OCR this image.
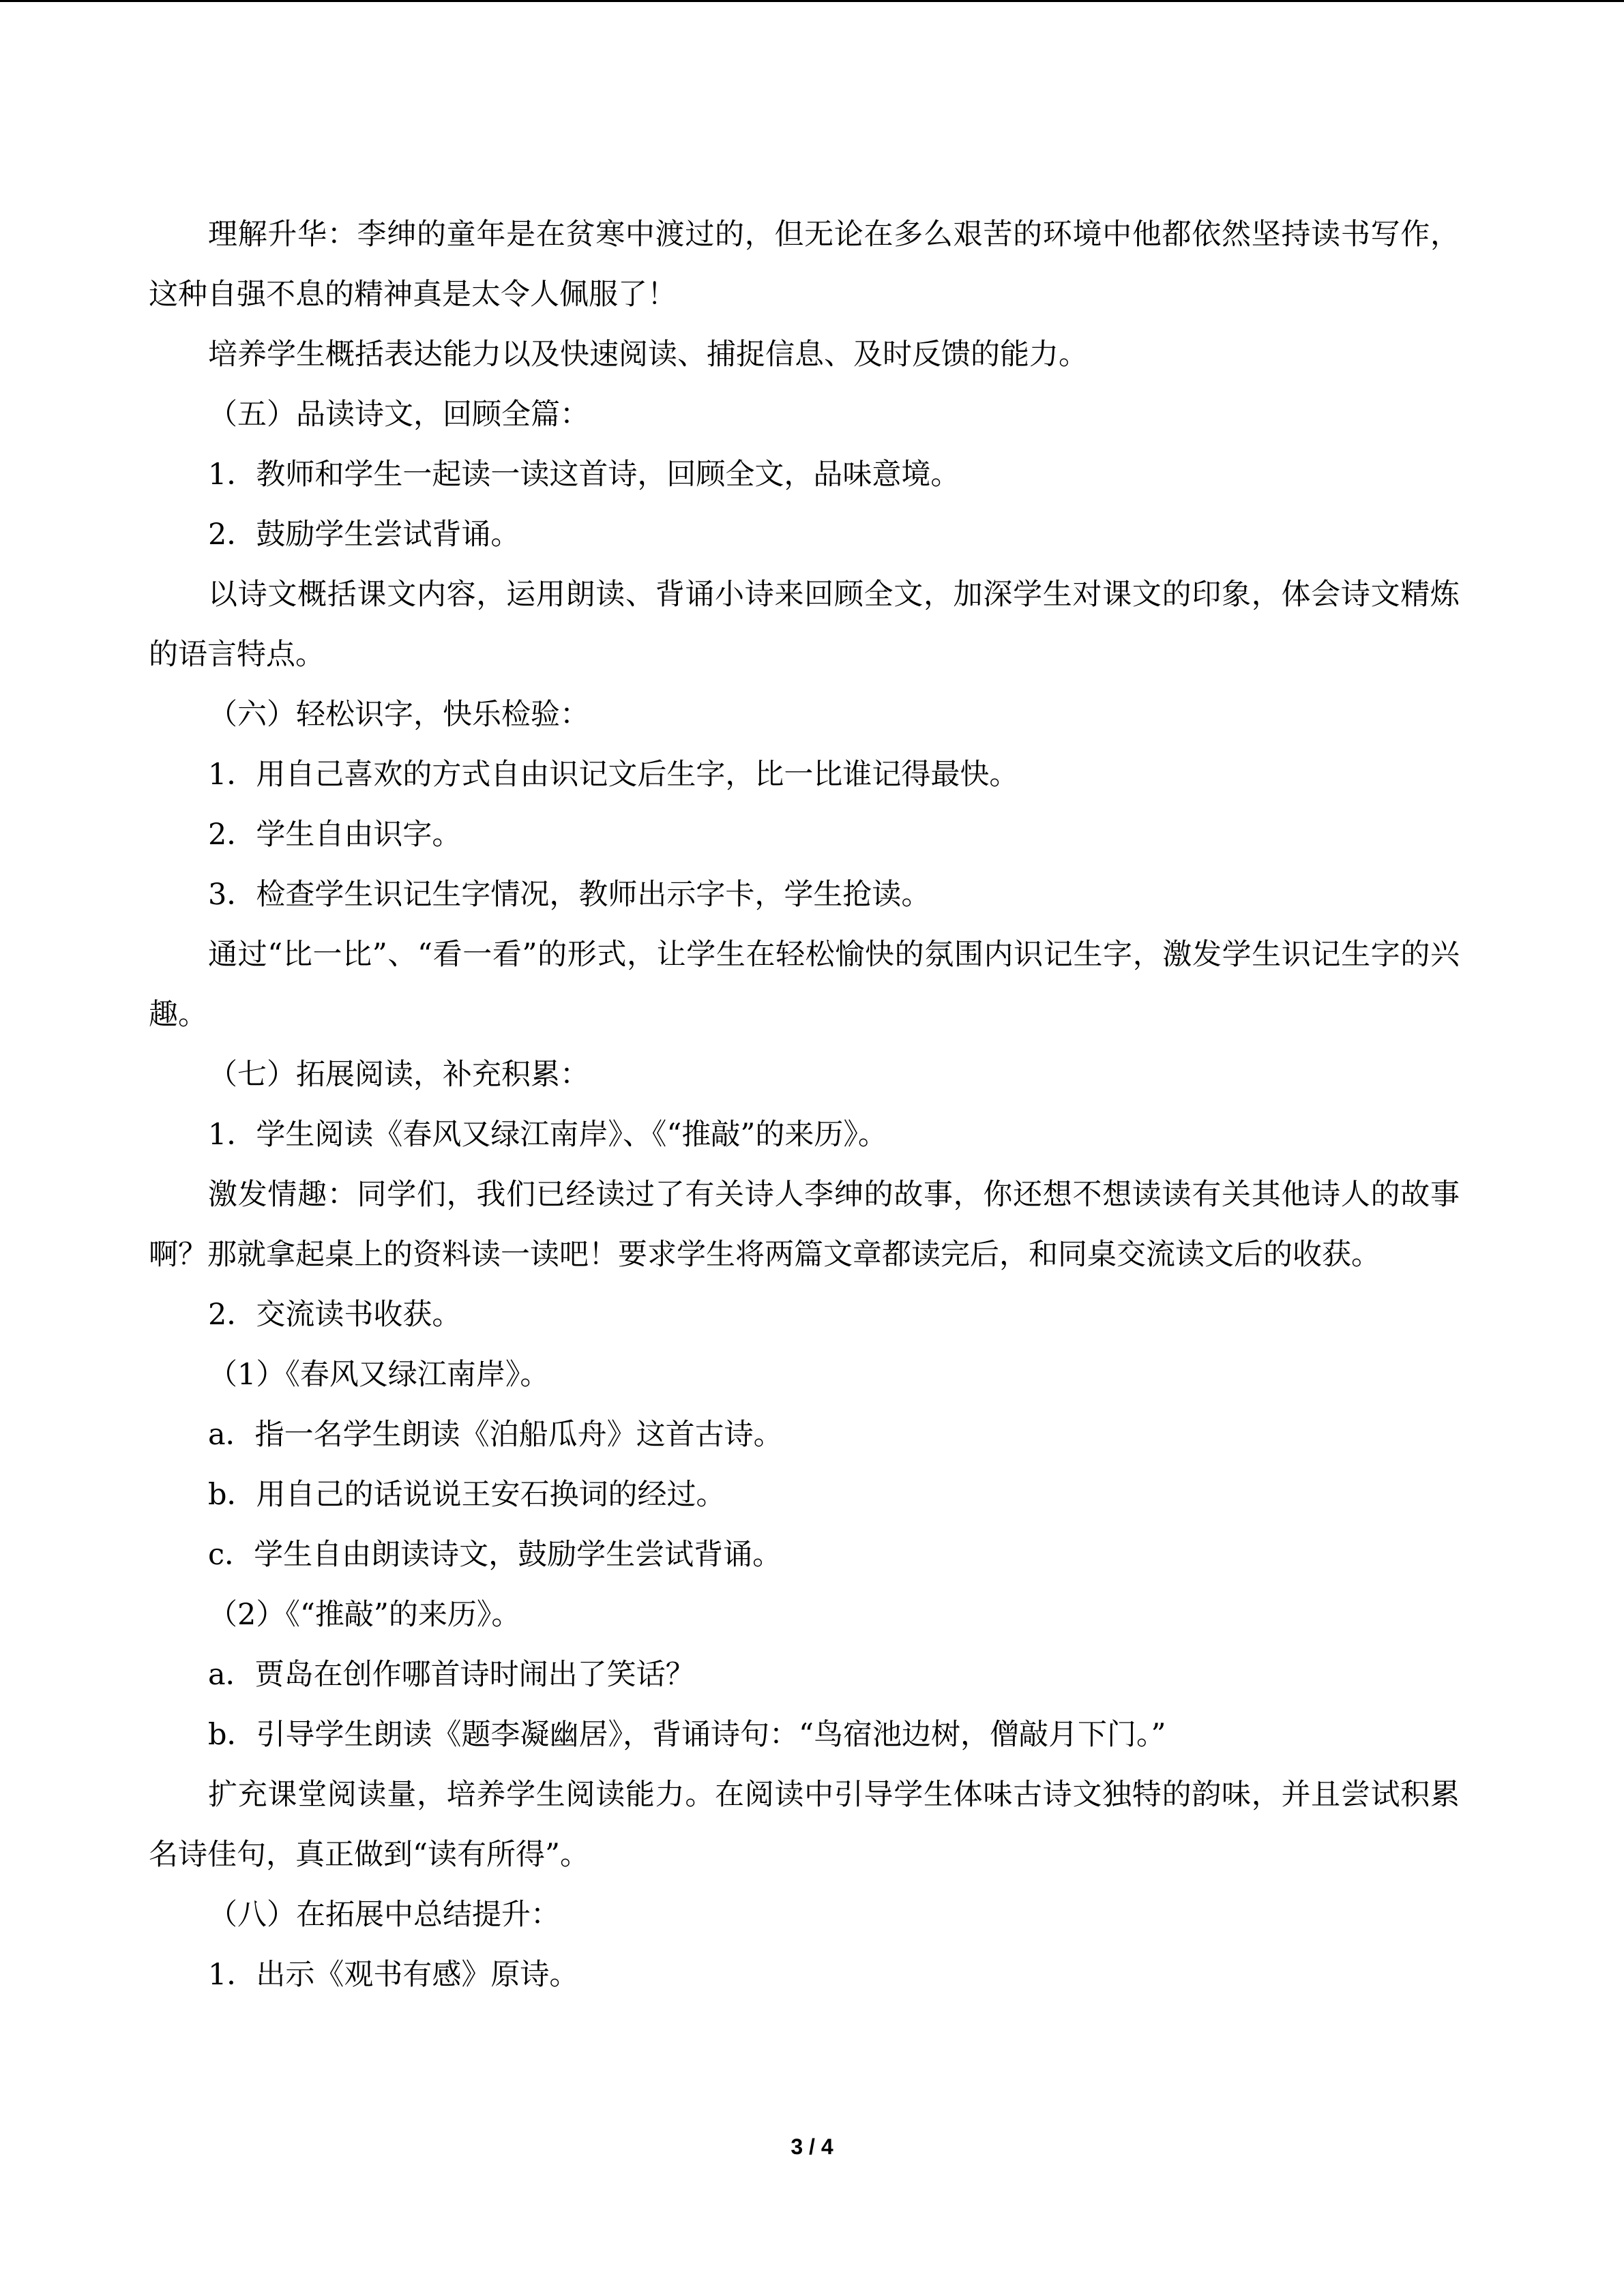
理解升华：李绅的童年是在贫寒中渡过的，但无论在多么艰苦的环境中他都依然坚持读书写作，这种自强不息的精神真是太令人佩服了！

培养学生概括表达能力以及快速阅读、捕捉信息、及时反馈的能力。

（五）品读诗文，回顾全篇：

1．教师和学生一起读一读这首诗，回顾全文，品味意境。

2．鼓励学生尝试背诵。

以诗文概括课文内容，运用朗读、背诵小诗来回顾全文，加深学生对课文的印象，体会诗文精炼的语言特点。

（六）轻松识字，快乐检验：

1．用自己喜欢的方式自由识记文后生字，比一比谁记得最快。

2．学生自由识字。

3．检查学生识记生字情况，教师出示字卡，学生抢读。

通过“比一比”、“看一看”的形式，让学生在轻松愉快的氛围内识记生字，激发学生识记生字的兴趣。

（七）拓展阅读，补充积累：

1．学生阅读《春风又绿江南岸》、《“推敲”的来历》。

激发情趣：同学们，我们已经读过了有关诗人李绅的故事，你还想不想读读有关其他诗人的故事啊？那就拿起桌上的资料读一读吧！要求学生将两篇文章都读完后，和同桌交流读文后的收获。

2．交流读书收获。

（1）《春风又绿江南岸》。

a．指一名学生朗读《泊船瓜舟》这首古诗。

b．用自己的话说说王安石换词的经过。

c．学生自由朗读诗文，鼓励学生尝试背诵。

（2）《“推敲”的来历》。

a．贾岛在创作哪首诗时闹出了笑话？

b．引导学生朗读《题李凝幽居》，背诵诗句：“鸟宿池边树，僧敲月下门。”

扩充课堂阅读量，培养学生阅读能力。在阅读中引导学生体味古诗文独特的韵味，并且尝试积累名诗佳句，真正做到“读有所得”。

（八）在拓展中总结提升：

1．出示《观书有感》原诗。

3 / 4
